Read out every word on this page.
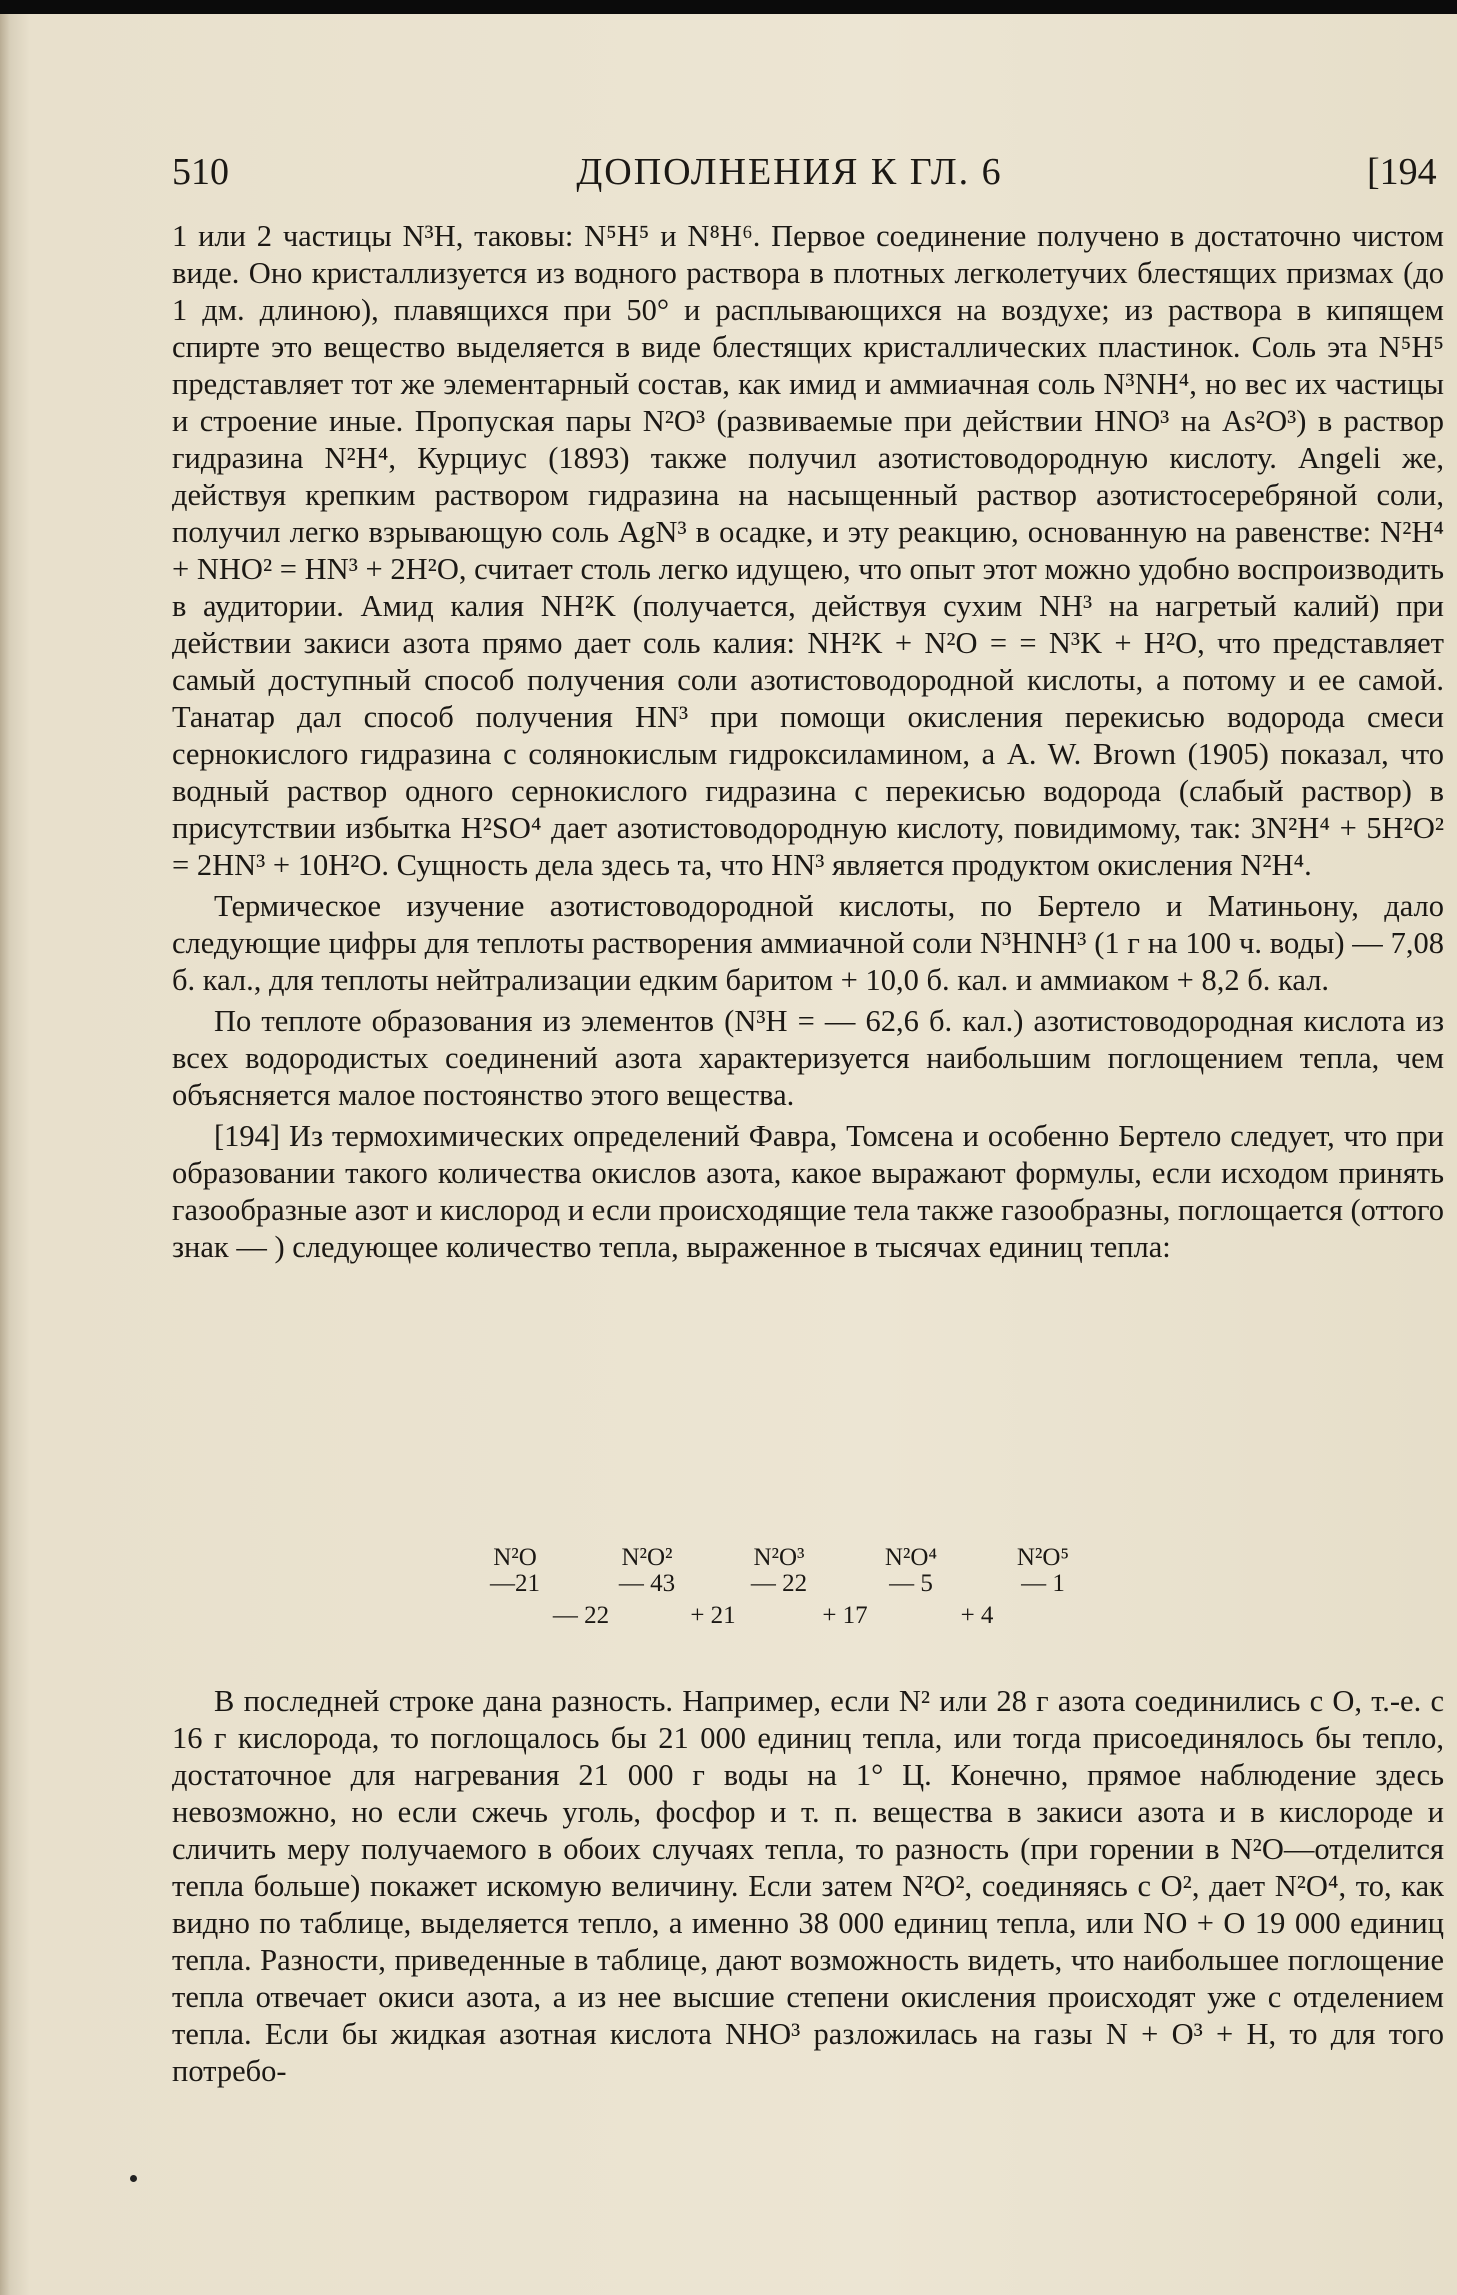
510	ДОПОЛНЕНИЯ К ГЛ. 6	[194

1 или 2 частицы N³H, таковы: N⁵H⁵ и N⁸H⁶. Первое соединение получено в достаточно чистом виде. Оно кристаллизуется из водного раствора в плотных легколетучих блестящих призмах (до 1 дм. длиною), плавящихся при 50° и расплывающихся на воздухе; из раствора в кипящем спирте это вещество выделяется в виде блестящих кристаллических пластинок. Соль эта N⁵H⁵ представляет тот же элементарный состав, как имид и аммиачная соль N³NH⁴, но вес их частицы и строение иные. Пропуская пары N²O³ (развиваемые при действии HNO³ на As²O³) в раствор гидразина N²H⁴, Курциус (1893) также получил азотистоводородную кислоту. Angeli же, действуя крепким раствором гидразина на насыщенный раствор азотистосеребряной соли, получил легко взрывающую соль AgN³ в осадке, и эту реакцию, основанную на равенстве: N²H⁴ + NHO² = HN³ + 2H²O, считает столь легко идущею, что опыт этот можно удобно воспроизводить в аудитории. Амид калия NH²K (получается, действуя сухим NH³ на нагретый калий) при действии закиси азота прямо дает соль калия: NH²K + N²O = = N³K + H²O, что представляет самый доступный способ получения соли азотистоводородной кислоты, а потому и ее самой. Танатар дал способ получения HN³ при помощи окисления перекисью водорода смеси сернокислого гидразина с солянокислым гидроксиламином, а A. W. Brown (1905) показал, что водный раствор одного сернокислого гидразина с перекисью водорода (слабый раствор) в присутствии избытка H²SO⁴ дает азотистоводородную кислоту, повидимому, так: 3N²H⁴ + 5H²O² = 2HN³ + 10H²O. Сущность дела здесь та, что HN³ является продуктом окисления N²H⁴.

Термическое изучение азотистоводородной кислоты, по Бертело и Матиньону, дало следующие цифры для теплоты растворения аммиачной соли N³HNH³ (1 г на 100 ч. воды) — 7,08 б. кал., для теплоты нейтрализации едким баритом + 10,0 б. кал. и аммиаком + 8,2 б. кал.

По теплоте образования из элементов (N³H = — 62,6 б. кал.) азотистоводородная кислота из всех водородистых соединений азота характеризуется наибольшим поглощением тепла, чем объясняется малое постоянство этого вещества.

[194] Из термохимических определений Фавра, Томсена и особенно Бертело следует, что при образовании такого количества окислов азота, какое выражают формулы, если исходом принять газообразные азот и кислород и если происходящие тела также газообразны, поглощается (оттого знак — ) следующее количество тепла, выраженное в тысячах единиц тепла:

N²O	N²O²	N²O³	N²O⁴	N²O⁵
—21	— 43	— 22	— 5	— 1
— 22	+ 21	+ 17	+ 4

В последней строке дана разность. Например, если N² или 28 г азота соединились с O, т.-е. с 16 г кислорода, то поглощалось бы 21 000 единиц тепла, или тогда присоединялось бы тепло, достаточное для нагревания 21 000 г воды на 1° Ц. Конечно, прямое наблюдение здесь невозможно, но если сжечь уголь, фосфор и т. п. вещества в закиси азота и в кислороде и сличить меру получаемого в обоих случаях тепла, то разность (при горении в N²O—отделится тепла больше) покажет искомую величину. Если затем N²O², соединяясь с O², дает N²O⁴, то, как видно по таблице, выделяется тепло, а именно 38 000 единиц тепла, или NO + O 19 000 единиц тепла. Разности, приведенные в таблице, дают возможность видеть, что наибольшее поглощение тепла отвечает окиси азота, а из нее высшие степени окисления происходят уже с отделением тепла. Если бы жидкая азотная кислота NHO³ разложилась на газы N + O³ + H, то для того потребо-
